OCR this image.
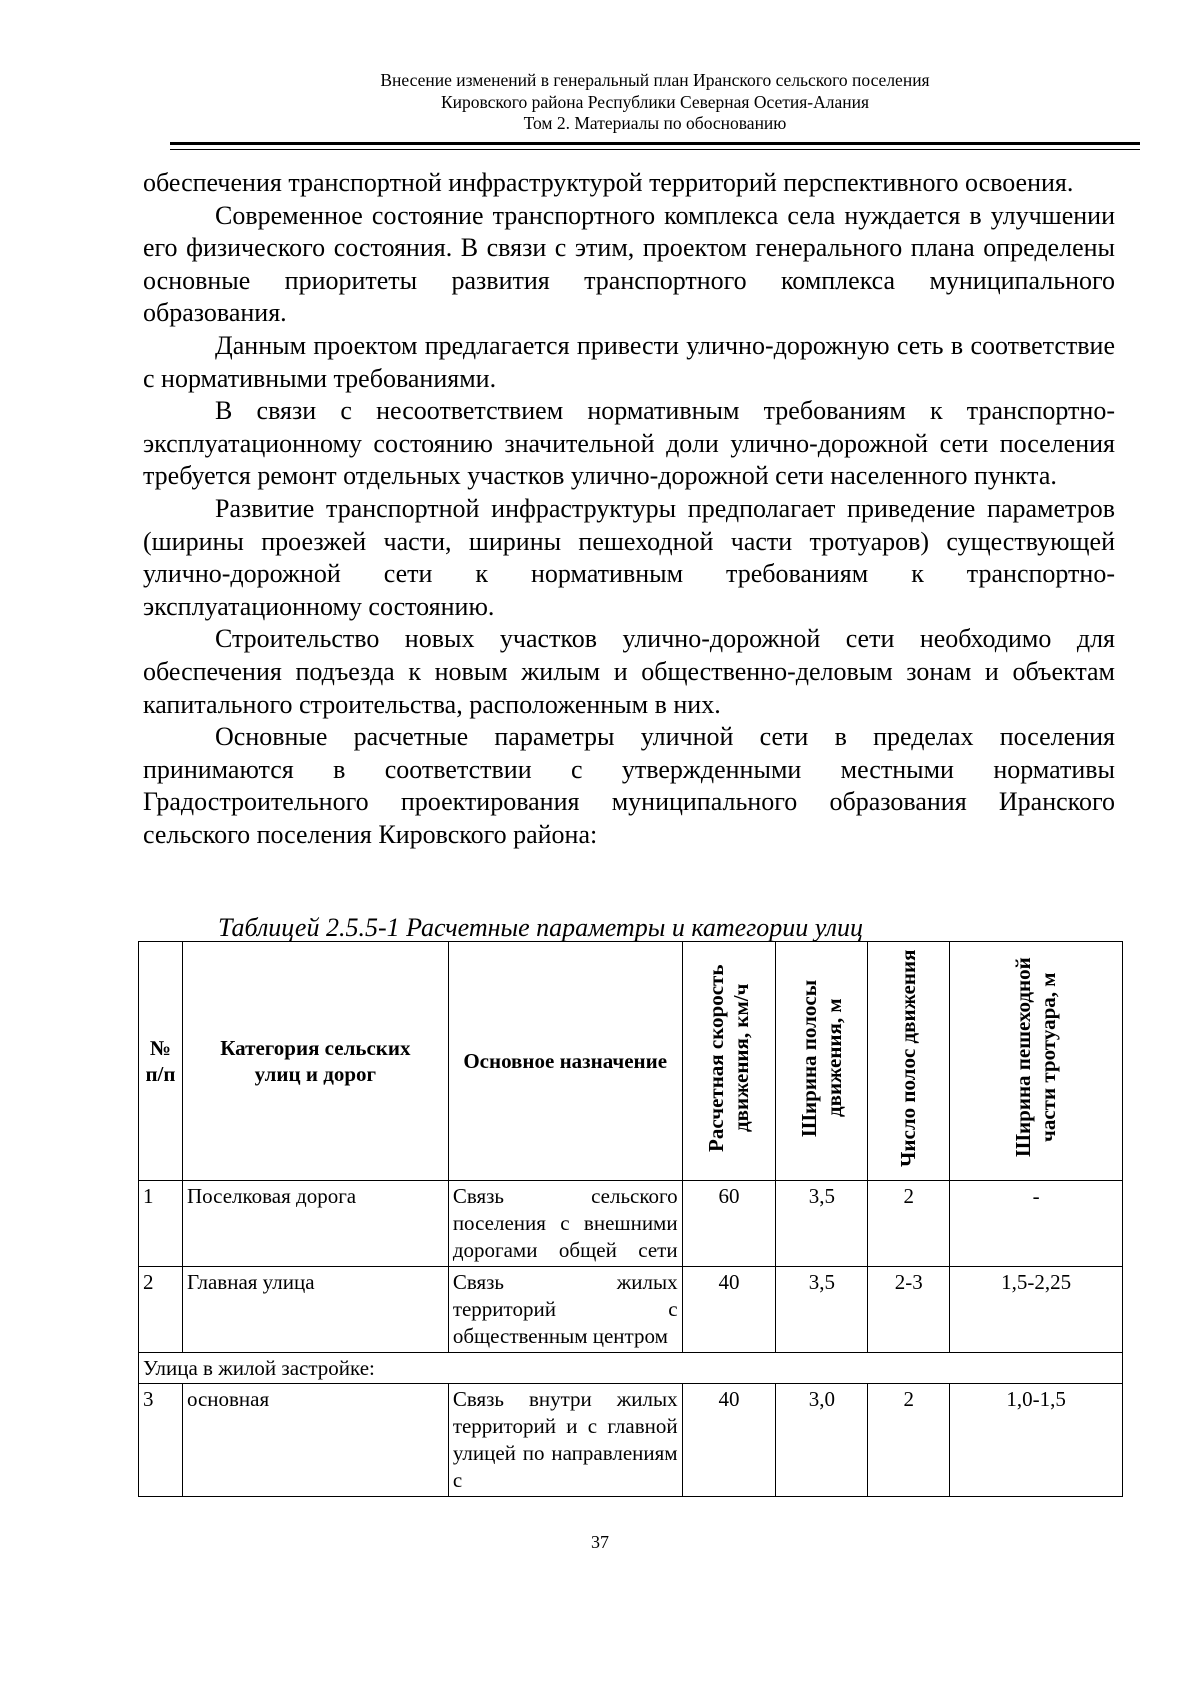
Внесение изменений в генеральный план Иранского сельского поселения
Кировского района Республики Северная Осетия-Алания
Том 2. Материалы по обоснованию

обеспечения транспортной инфраструктурой территорий перспективного освоения.

Современное состояние транспортного комплекса села нуждается в улучшении его физического состояния. В связи с этим, проектом генерального плана определены основные приоритеты развития транспортного комплекса муниципального образования.

Данным проектом предлагается привести улично-дорожную сеть в соответствие с нормативными требованиями.

В связи с несоответствием нормативным требованиям к транспортно-эксплуатационному состоянию значительной доли улично-дорожной сети поселения требуется ремонт отдельных участков улично-дорожной сети населенного пункта.

Развитие транспортной инфраструктуры предполагает приведение параметров (ширины проезжей части, ширины пешеходной части тротуаров) существующей улично-дорожной сети к нормативным требованиям к транспортно-эксплуатационному состоянию.

Строительство новых участков улично-дорожной сети необходимо для обеспечения подъезда к новым жилым и общественно-деловым зонам и объектам капитального строительства, расположенным в них.

Основные расчетные параметры уличной сети в пределах поселения принимаются в соответствии с утвержденными местными нормативы Градостроительного проектирования муниципального образования Иранского сельского поселения Кировского района:

Таблицей 2.5.5-1 Расчетные параметры и категории улиц
№ п/п	Категория сельских улиц и дорог	Основное назначение	Расчетная скорость движения, км/ч	Ширина полосы движения, м	Число полос движения	Ширина пешеходной части тротуара, м
1	Поселковая дорога	Связь сельского поселения с внешними дорогами общей сети	60	3,5	2	-
2	Главная улица	Связь жилых территорий с общественным центром	40	3,5	2-3	1,5-2,25
Улица в жилой застройке:						
3	основная	Связь внутри жилых территорий и с главной улицей по направлениям с	40	3,0	2	1,0-1,5
37
